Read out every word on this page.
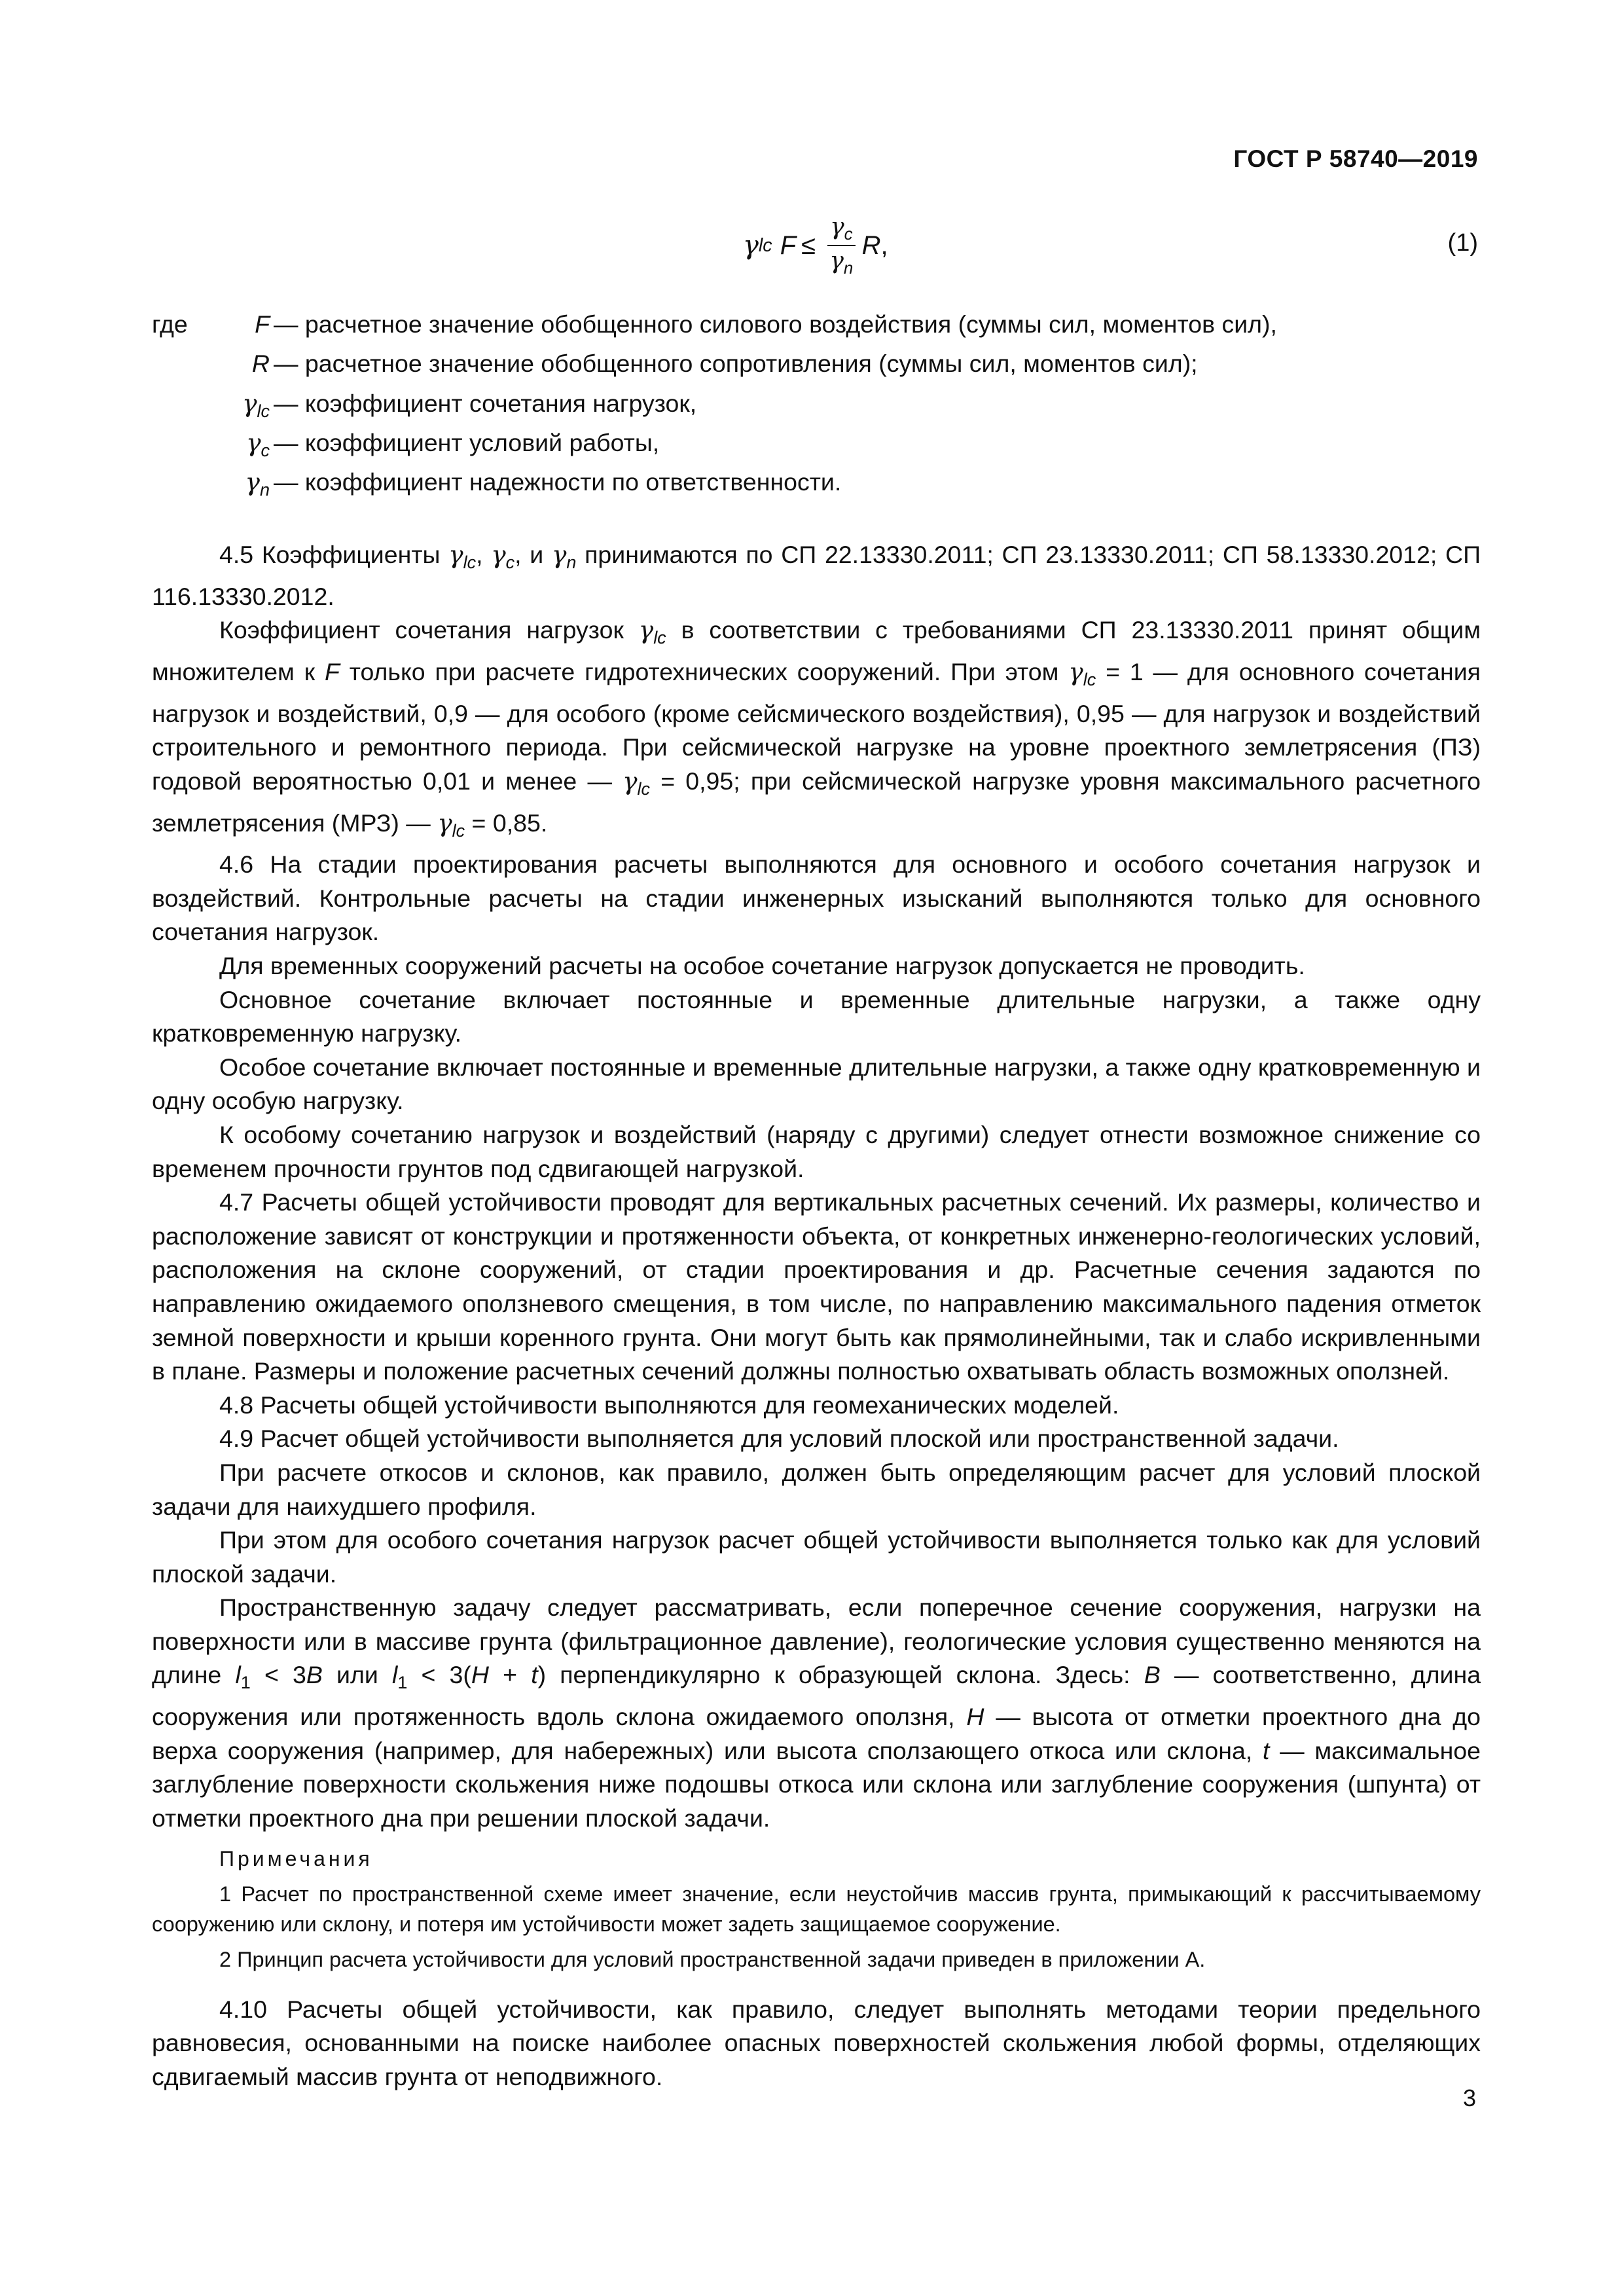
ГОСТ Р 58740—2019
γ lc $F \le \frac{\gamma_c}{\gamma_n}$ R ,	(1)
где	F — расчетное значение обобщенного силового воздействия (суммы сил, моментов сил),
R — расчетное значение обобщенного сопротивления (суммы сил, моментов сил);
$\gamma_{lc}$ — коэффициент сочетания нагрузок,
$\gamma_c$ — коэффициент условий работы,
$\gamma_n$ — коэффициент надежности по ответственности.

4.5 Коэффициенты $\gamma_{lc}$, $\gamma_c$, и $\gamma_n$ принимаются по СП 22.13330.2011; СП 23.13330.2011; СП 58.13330.2012; СП 116.13330.2012.

Коэффициент сочетания нагрузок $\gamma_{lc}$ в соответствии с требованиями СП 23.13330.2011 принят общим множителем к F только при расчете гидротехнических сооружений. При этом $\gamma_{lc} = 1$ — для основного сочетания нагрузок и воздействий, 0,9 — для особого (кроме сейсмического воздействия), 0,95 — для нагрузок и воздействий строительного и ремонтного периода. При сейсмической нагрузке на уровне проектного землетрясения (ПЗ) годовой вероятностью 0,01 и менее — $\gamma_{lc} = 0,95$; при сейсмической нагрузке уровня максимального расчетного землетрясения (МРЗ) — $\gamma_{lc} = 0,85$.

4.6 На стадии проектирования расчеты выполняются для основного и особого сочетания нагрузок и воздействий. Контрольные расчеты на стадии инженерных изысканий выполняются только для основного сочетания нагрузок.

Для временных сооружений расчеты на особое сочетание нагрузок допускается не проводить.

Основное сочетание включает постоянные и временные длительные нагрузки, а также одну кратковременную нагрузку.

Особое сочетание включает постоянные и временные длительные нагрузки, а также одну кратковременную и одну особую нагрузку.

К особому сочетанию нагрузок и воздействий (наряду с другими) следует отнести возможное снижение со временем прочности грунтов под сдвигающей нагрузкой.

4.7 Расчеты общей устойчивости проводят для вертикальных расчетных сечений. Их размеры, количество и расположение зависят от конструкции и протяженности объекта, от конкретных инженерно-геологических условий, расположения на склоне сооружений, от стадии проектирования и др. Расчетные сечения задаются по направлению ожидаемого оползневого смещения, в том числе, по направлению максимального падения отметок земной поверхности и крыши коренного грунта. Они могут быть как прямолинейными, так и слабо искривленными в плане. Размеры и положение расчетных сечений должны полностью охватывать область возможных оползней.

4.8 Расчеты общей устойчивости выполняются для геомеханических моделей.

4.9 Расчет общей устойчивости выполняется для условий плоской или пространственной задачи.

При расчете откосов и склонов, как правило, должен быть определяющим расчет для условий плоской задачи для наихудшего профиля.

При этом для особого сочетания нагрузок расчет общей устойчивости выполняется только как для условий плоской задачи.

Пространственную задачу следует рассматривать, если поперечное сечение сооружения, нагрузки на поверхности или в массиве грунта (фильтрационное давление), геологические условия существенно меняются на длине $l_1 < 3B$ или $l_1 < 3(H + t)$ перпендикулярно к образующей склона. Здесь: B — соответственно, длина сооружения или протяженность вдоль склона ожидаемого оползня, H — высота от отметки проектного дна до верха сооружения (например, для набережных) или высота сползающего откоса или склона, t — максимальное заглубление поверхности скольжения ниже подошвы откоса или склона или заглубление сооружения (шпунта) от отметки проектного дна при решении плоской задачи.

Примечания

1 Расчет по пространственной схеме имеет значение, если неустойчив массив грунта, примыкающий к рассчитываемому сооружению или склону, и потеря им устойчивости может задеть защищаемое сооружение.

2 Принцип расчета устойчивости для условий пространственной задачи приведен в приложении А.

4.10 Расчеты общей устойчивости, как правило, следует выполнять методами теории предельного равновесия, основанными на поиске наиболее опасных поверхностей скольжения любой формы, отделяющих сдвигаемый массив грунта от неподвижного.

3
